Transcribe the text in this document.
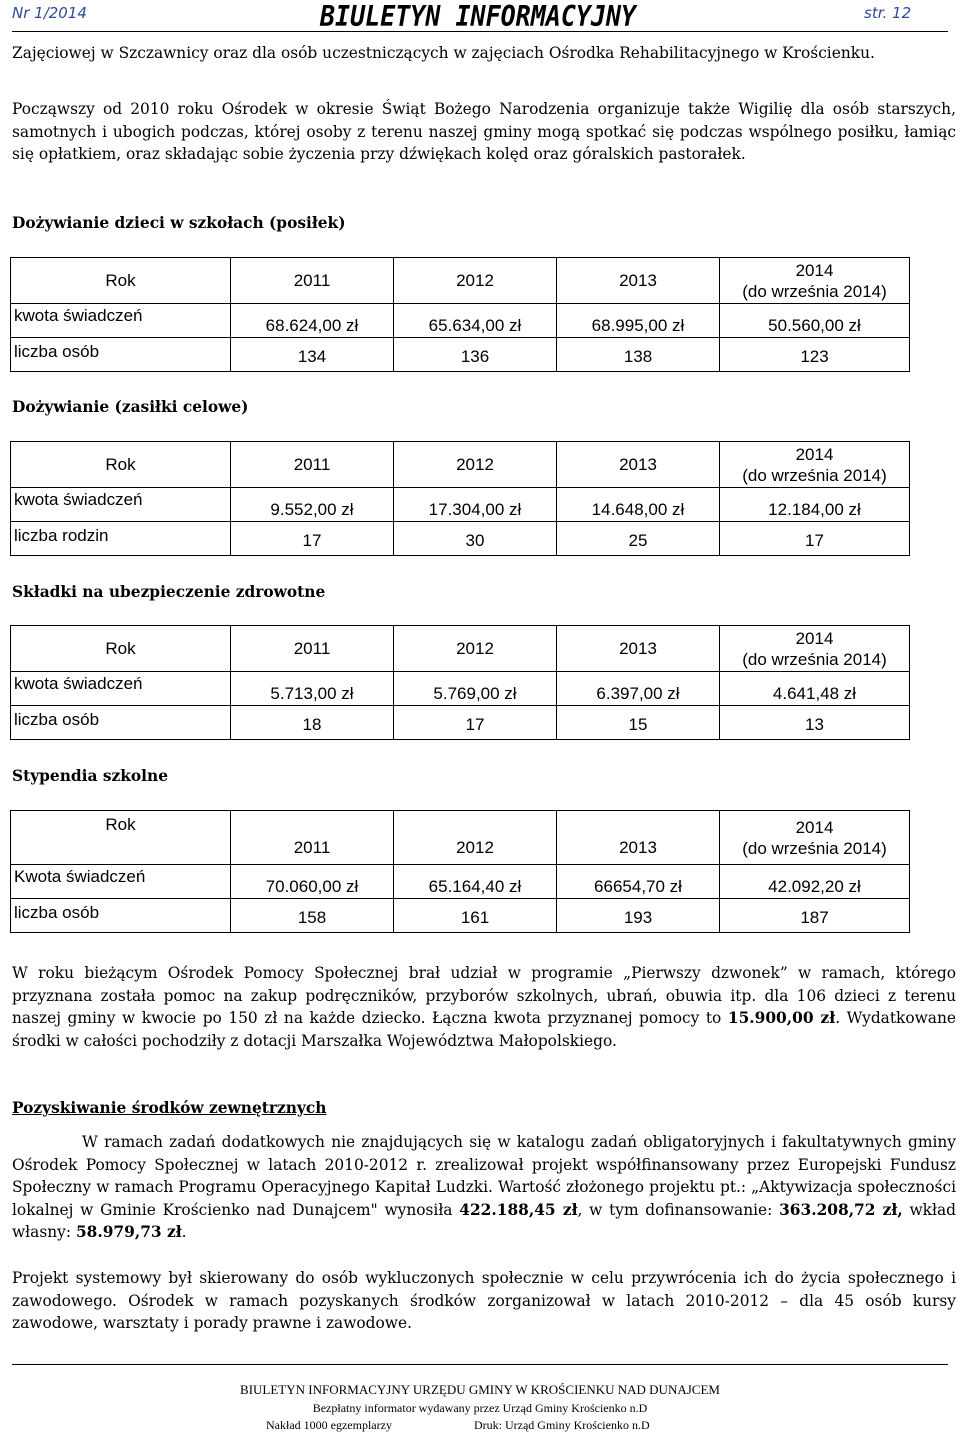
Nr 1/2014	BIULETYN INFORMACYJNY	str. 12

Zajęciowej w Szczawnicy oraz dla osób uczestniczących w zajęciach Ośrodka Rehabilitacyjnego w Krościenku.

Począwszy od 2010 roku Ośrodek w okresie Świąt Bożego Narodzenia organizuje także Wigilię dla osób starszych, samotnych i ubogich podczas, której osoby z terenu naszej gminy mogą spotkać się podczas wspólnego posiłku, łamiąc się opłatkiem, oraz składając sobie życzenia przy dźwiękach kolęd oraz góralskich pastorałek.

Dożywianie dzieci w szkołach (posiłek)
Rok	2011	2012	2013	2014
(do września 2014)
kwota świadczeń	68.624,00 zł	65.634,00 zł	68.995,00 zł	50.560,00 zł
liczba osób	134	136	138	123
Dożywianie (zasiłki celowe)
Rok	2011	2012	2013	2014
(do września 2014)
kwota świadczeń	9.552,00 zł	17.304,00 zł	14.648,00 zł	12.184,00 zł
liczba rodzin	17	30	25	17
Składki na ubezpieczenie zdrowotne
Rok	2011	2012	2013	2014
(do września 2014)
kwota świadczeń	5.713,00 zł	5.769,00 zł	6.397,00 zł	4.641,48 zł
liczba osób	18	17	15	13
Stypendia szkolne
Rok	2011	2012	2013	2014
(do września 2014)
Kwota świadczeń	70.060,00 zł	65.164,40 zł	66654,70 zł	42.092,20 zł
liczba osób	158	161	193	187

W roku bieżącym Ośrodek Pomocy Społecznej brał udział w programie „Pierwszy dzwonek” w ramach, którego przyznana została pomoc na zakup podręczników, przyborów szkolnych, ubrań, obuwia itp. dla 106 dzieci z terenu naszej gminy w kwocie po 150 zł na każde dziecko. Łączna kwota przyznanej pomocy to 15.900,00 zł. Wydatkowane środki w całości pochodziły z dotacji Marszałka Województwa Małopolskiego.

Pozyskiwanie środków zewnętrznych

W ramach zadań dodatkowych nie znajdujących się w katalogu zadań obligatoryjnych i fakultatywnych gminy Ośrodek Pomocy Społecznej w latach 2010-2012 r. zrealizował projekt współfinansowany przez Europejski Fundusz Społeczny w ramach Programu Operacyjnego Kapitał Ludzki. Wartość złożonego projektu pt.: „Aktywizacja społeczności lokalnej w Gminie Krościenko nad Dunajcem" wynosiła 422.188,45 zł, w tym dofinansowanie: 363.208,72 zł, wkład własny: 58.979,73 zł.

Projekt systemowy był skierowany do osób wykluczonych społecznie w celu przywrócenia ich do życia społecznego i zawodowego. Ośrodek w ramach pozyskanych środków zorganizował w latach 2010-2012 – dla 45 osób kursy zawodowe, warsztaty i porady prawne i zawodowe.

BIULETYN INFORMACYJNY URZĘDU GMINY W KROŚCIENKU NAD DUNAJCEM
Bezpłatny informator wydawany przez Urząd Gminy Krościenko n.D
Nakład 1000 egzemplarzy	Druk: Urząd Gminy Krościenko n.D
